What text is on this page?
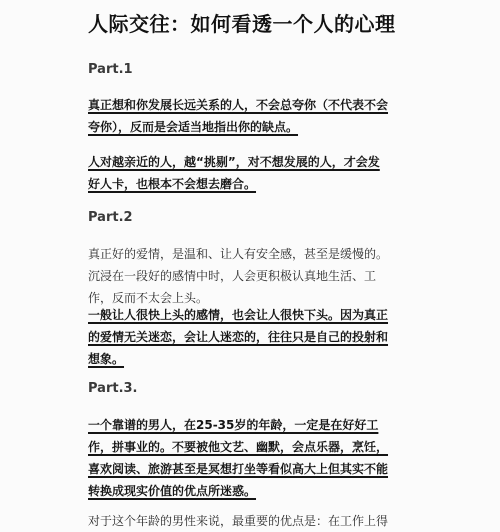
人际交往：如何看透一个人的心理
Part.1
真正想和你发展长远关系的人，不会总夸你（不代表不会
夸你），反而是会适当地指出你的缺点。
人对越亲近的人，越“挑剔”，对不想发展的人，才会发
好人卡，也根本不会想去磨合。
Part.2
真正好的爱情，是温和、让人有安全感，甚至是缓慢的。
沉浸在一段好的感情中时，人会更积极认真地生活、工
作，反而不太会上头。
一般让人很快上头的感情，也会让人很快下头。因为真正
的爱情无关迷恋，会让人迷恋的，往往只是自己的投射和
想象。
Part.3.
一个靠谱的男人，在25-35岁的年龄，一定是在好好工
作，拼事业的。不要被他文艺、幽默，会点乐器，烹饪，
喜欢阅读、旅游甚至是冥想打坐等看似高大上但其实不能
转换成现实价值的优点所迷惑。
对于这个年龄的男性来说，最重要的优点是：在工作上得
